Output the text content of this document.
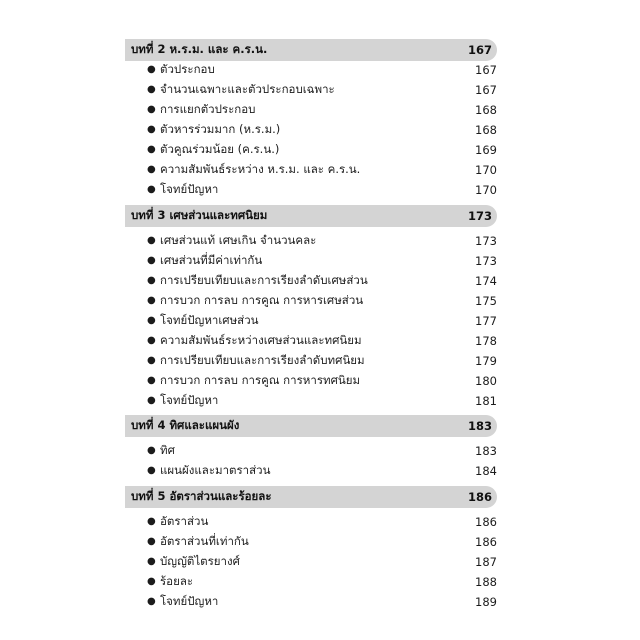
บทที่ 2 ห.ร.ม. และ ค.ร.น.	167
● ตัวประกอบ	167
● จำนวนเฉพาะและตัวประกอบเฉพาะ	167
● การแยกตัวประกอบ	168
● ตัวหารร่วมมาก (ห.ร.ม.)	168
● ตัวคูณร่วมน้อย (ค.ร.น.)	169
● ความสัมพันธ์ระหว่าง ห.ร.ม. และ ค.ร.น.	170
● โจทย์ปัญหา	170
บทที่ 3 เศษส่วนและทศนิยม	173
● เศษส่วนแท้ เศษเกิน จำนวนคละ	173
● เศษส่วนที่มีค่าเท่ากัน	173
● การเปรียบเทียบและการเรียงลำดับเศษส่วน	174
● การบวก การลบ การคูณ การหารเศษส่วน	175
● โจทย์ปัญหาเศษส่วน	177
● ความสัมพันธ์ระหว่างเศษส่วนและทศนิยม	178
● การเปรียบเทียบและการเรียงลำดับทศนิยม	179
● การบวก การลบ การคูณ การหารทศนิยม	180
● โจทย์ปัญหา	181
บทที่ 4 ทิศและแผนผัง	183
● ทิศ	183
● แผนผังและมาตราส่วน	184
บทที่ 5 อัตราส่วนและร้อยละ	186
● อัตราส่วน	186
● อัตราส่วนที่เท่ากัน	186
● บัญญัติไตรยางศ์	187
● ร้อยละ	188
● โจทย์ปัญหา	189
